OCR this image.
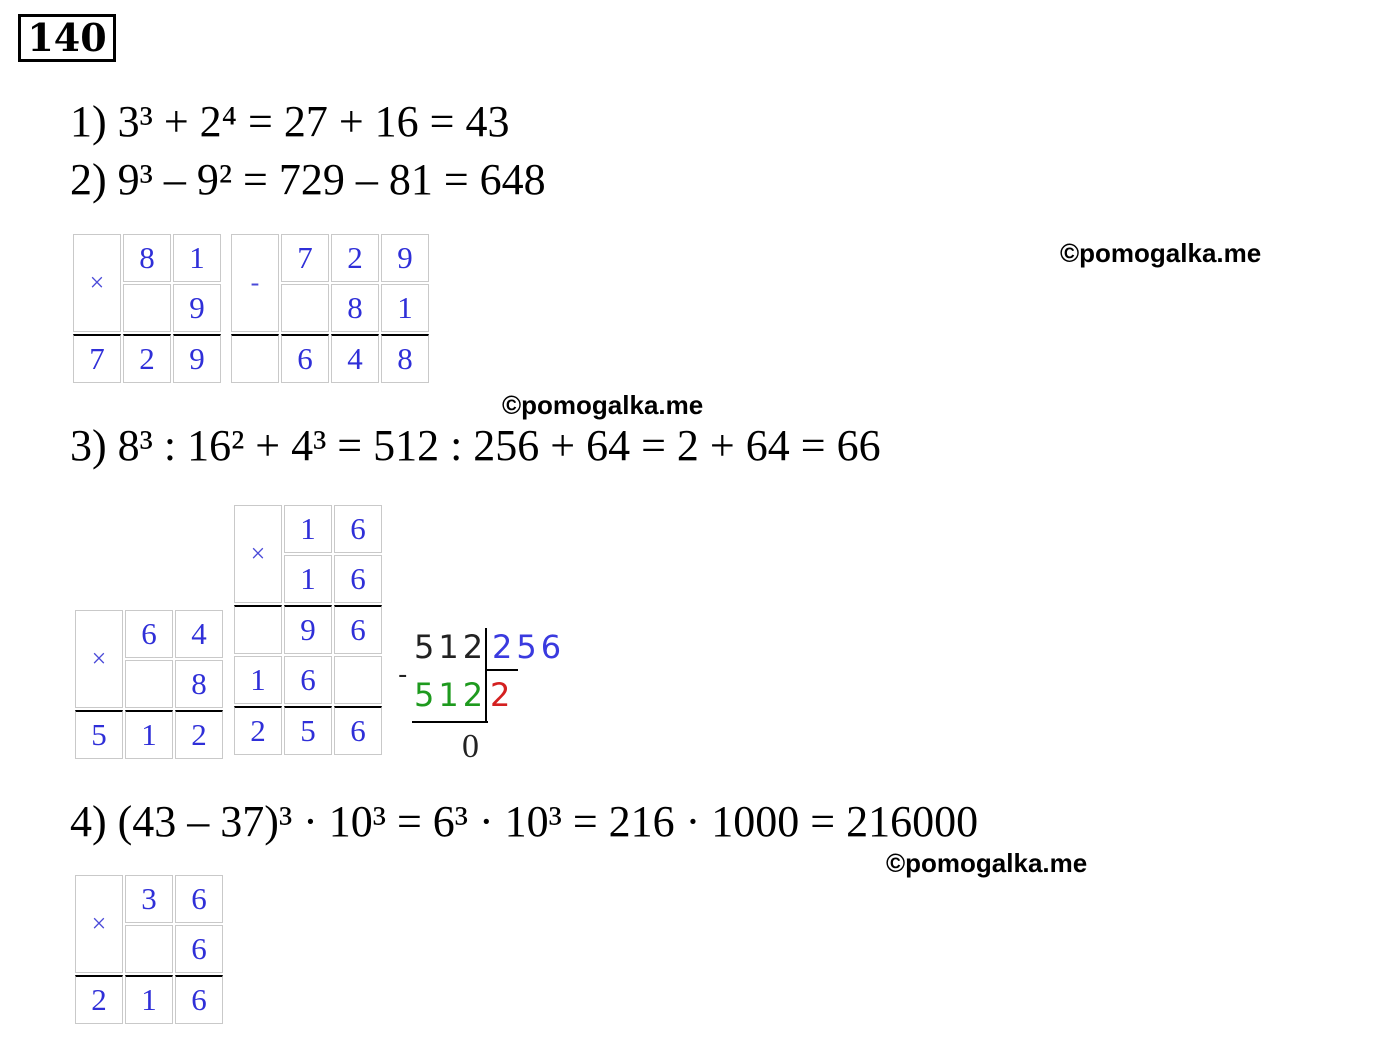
140
1) 3³ + 2⁴ = 27 + 16 = 43
2) 9³ – 9² = 729 – 81 = 648
3) 8³ : 16² + 4³ = 512 : 256 + 64 = 2 + 64 = 66
4) (43 – 37)³ · 10³ = 6³ · 10³ = 216 · 1000 = 216000
©pomogalka.me
©pomogalka.me
©pomogalka.me
×	8	1
		9
7	2	9
-	7	2	9
		8	1
	6	4	8
×	1	6
	1	6
	9	6
1	6	
2	5	6
×	6	4
		8
5	1	2
512 256
-
512 2
0
×	3	6
		6
2	1	6
